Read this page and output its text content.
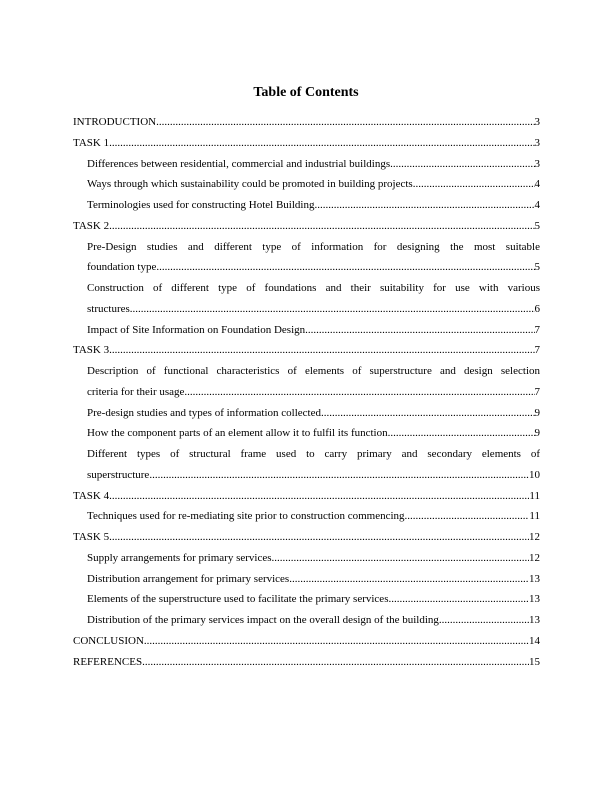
Table of Contents
INTRODUCTION .....	3
TASK 1 .....	3
Differences between residential, commercial and industrial buildings .....	3
Ways through which sustainability could be promoted in building projects .....	4
Terminologies used for constructing Hotel Building .....	4
TASK 2 .....	5
Pre-Design studies and different type of information for designing the most suitable
foundation type .....	5
Construction of different type of foundations and their suitability for use with various
structures .....	6
Impact of Site Information on Foundation Design .....	7
TASK 3 .....	7
Description of functional characteristics of elements of superstructure and design selection
criteria for their usage .....	7
Pre-design studies and types of information collected .....	9
How the component parts of an element allow it to fulfil its function .....	9
Different types of structural frame used to carry primary and secondary elements of
superstructure .....	10
TASK 4 .....	11
Techniques used for re-mediating site prior to construction commencing .....	11
TASK 5 .....	12
Supply arrangements for primary services .....	12
Distribution arrangement for primary services .....	13
Elements of the superstructure used to facilitate the primary services .....	13
Distribution of the primary services impact on the overall design of the building .....	13
CONCLUSION .....	14
REFERENCES .....	15
